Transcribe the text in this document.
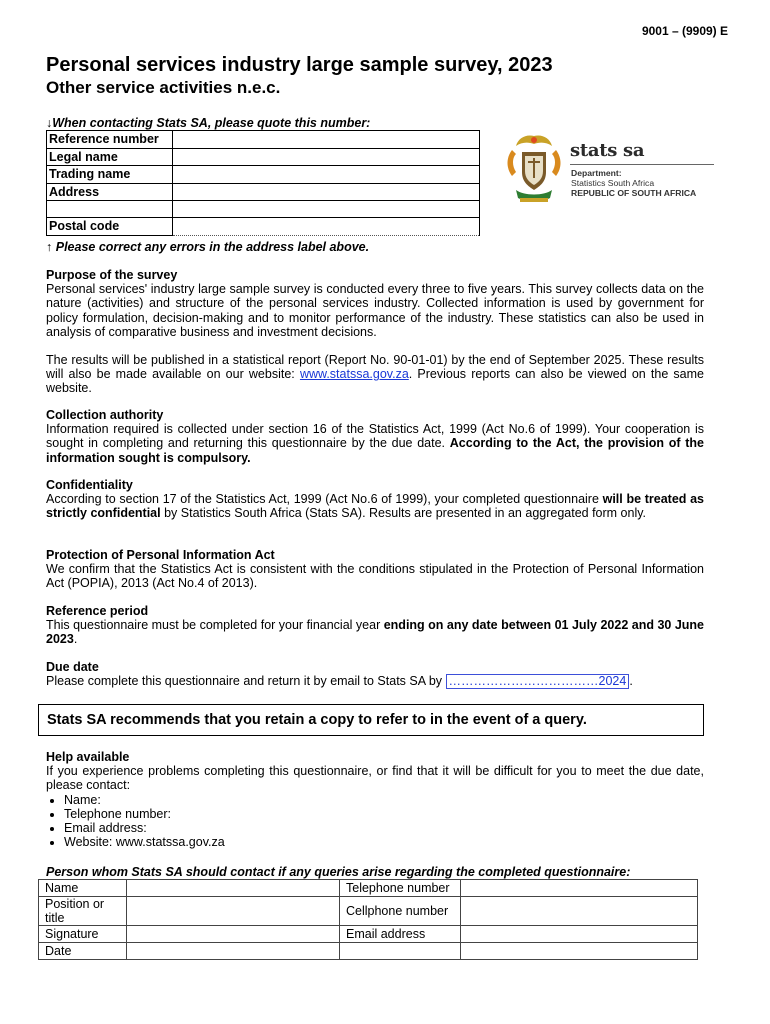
9001 – (9909) E
Personal services industry large sample survey, 2023
Other service activities n.e.c.
↓When contacting Stats SA, please quote this number:
Reference number	
Legal name	
Trading name	
Address	

Postal code	
↑ Please correct any errors in the address label above.
stats sa
Department:
Statistics South Africa
REPUBLIC OF SOUTH AFRICA
Purpose of the survey

Personal services' industry large sample survey is conducted every three to five years. This survey collects data on the nature (activities) and structure of the personal services industry. Collected information is used by government for policy formulation, decision-making and to monitor performance of the industry. These statistics can also be used in analysis of comparative business and investment decisions.

The results will be published in a statistical report (Report No. 90-01-01) by the end of September 2025. These results will also be made available on our website: www.statssa.gov.za. Previous reports can also be viewed on the same website.

Collection authority

Information required is collected under section 16 of the Statistics Act, 1999 (Act No.6 of 1999). Your cooperation is sought in completing and returning this questionnaire by the due date. According to the Act, the provision of the information sought is compulsory.

Confidentiality

According to section 17 of the Statistics Act, 1999 (Act No.6 of 1999), your completed questionnaire will be treated as strictly confidential by Statistics South Africa (Stats SA). Results are presented in an aggregated form only.

Protection of Personal Information Act

We confirm that the Statistics Act is consistent with the conditions stipulated in the Protection of Personal Information Act (POPIA), 2013 (Act No.4 of 2013).

Reference period

This questionnaire must be completed for your financial year ending on any date between 01 July 2022 and 30 June 2023.

Due date

Please complete this questionnaire and return it by email to Stats SA by ………………………………2024 .

Stats SA recommends that you retain a copy to refer to in the event of a query.
Help available

If you experience problems completing this questionnaire, or find that it will be difficult for you to meet the due date, please contact:

• Name:
• Telephone number:
• Email address:
• Website: www.statssa.gov.za
Person whom Stats SA should contact if any queries arise regarding the completed questionnaire:
Name		Telephone number	
Position or title		Cellphone number	
Signature		Email address	
Date			
